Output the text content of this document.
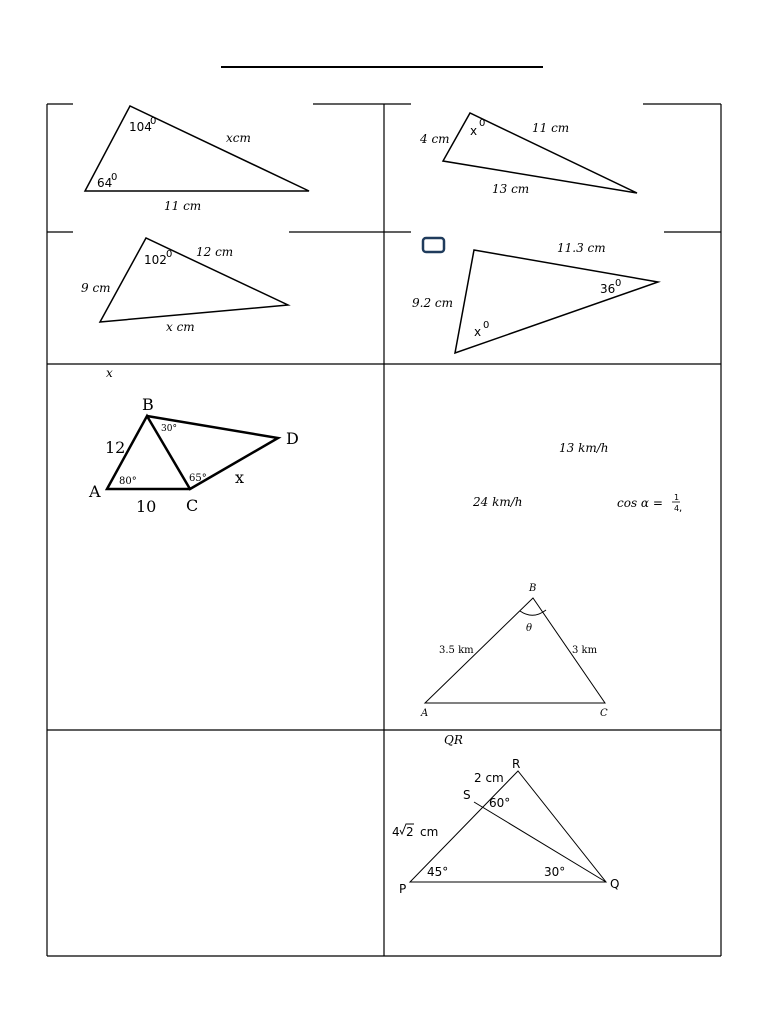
104
0
64
0
xcm
11 cm
x
0
4 cm
11 cm
13 cm
102 0
9 cm
12 cm
x cm
11.3 cm
9.2 cm
36 0
x 0
x
B
D
A
C
12
10
x
30°
80°	65°
13 km/h
24 km/h	cos α = 1
4 ,
B
A	C
3.5 km	3 km
θ
QR
R
S
P	Q
2 cm
4 2 cm
60°
45°	30°
